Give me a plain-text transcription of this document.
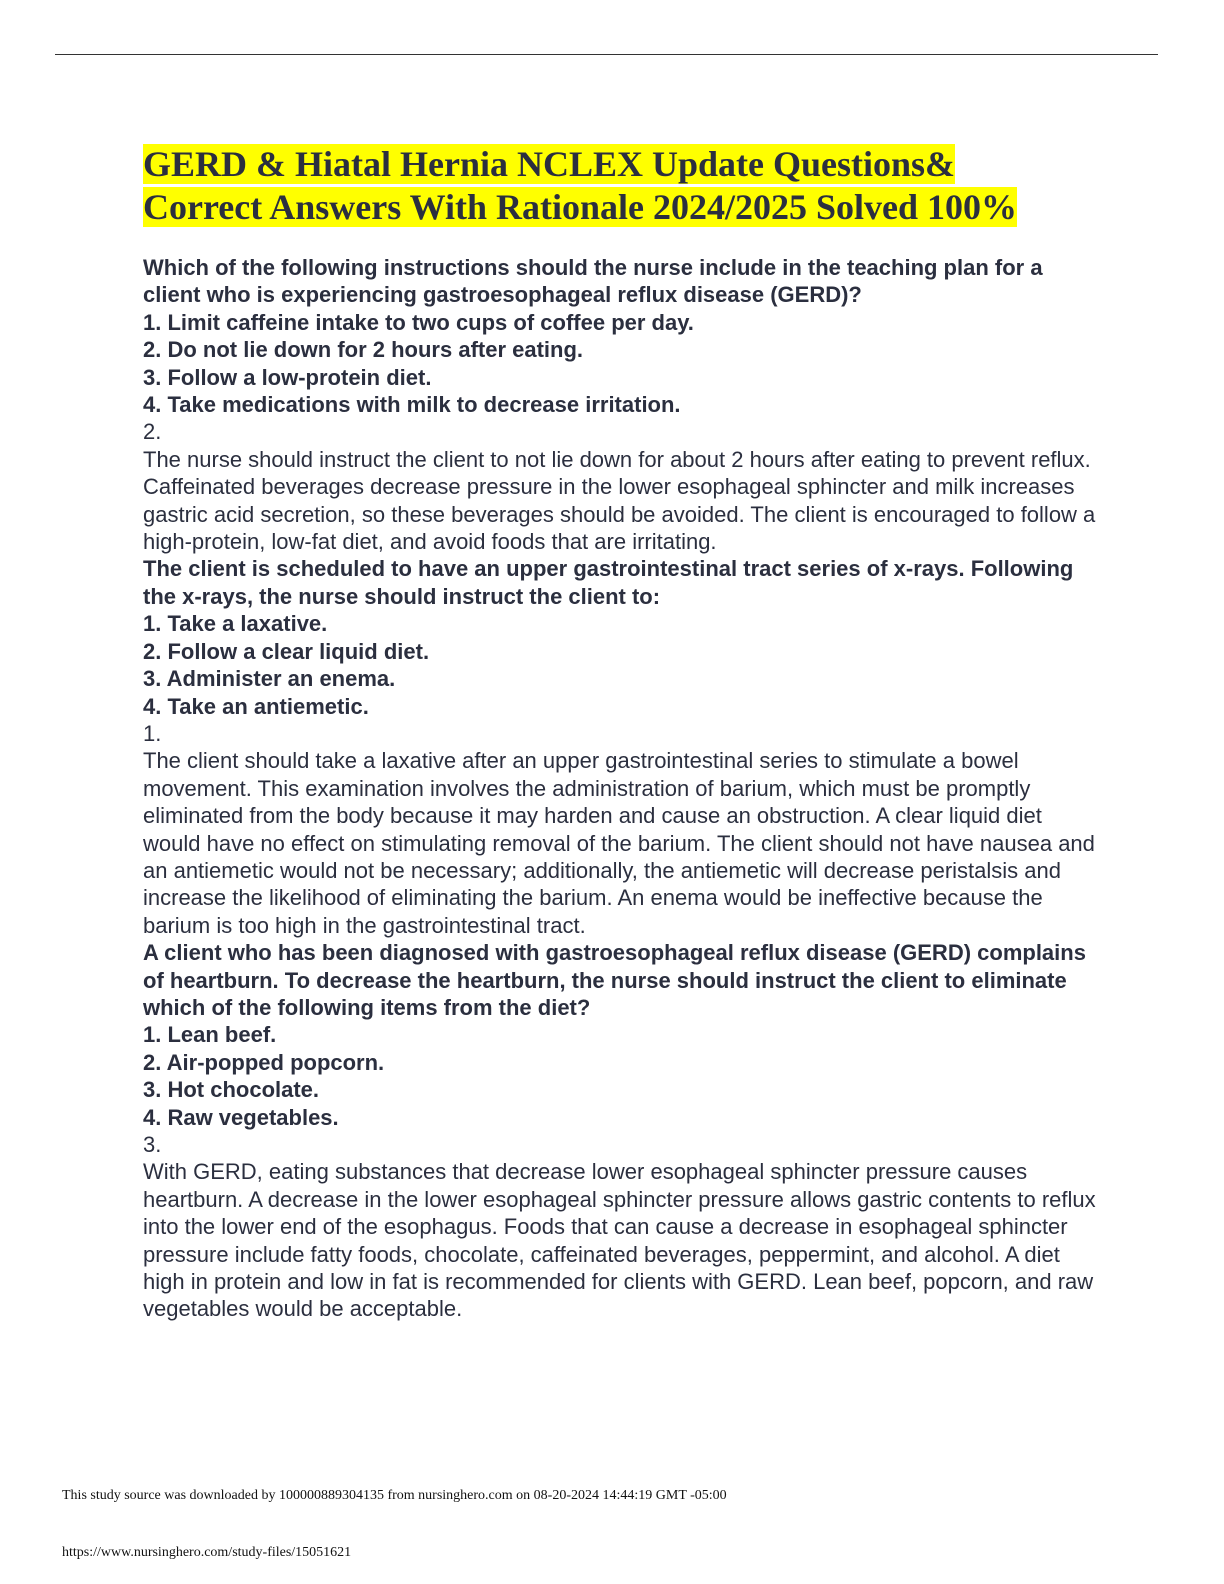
GERD & Hiatal Hernia NCLEX Update Questions&
Correct Answers With Rationale 2024/2025 Solved 100%

Which of the following instructions should the nurse include in the teaching plan for a client who is experiencing gastroesophageal reflux disease (GERD)?

1. Limit caffeine intake to two cups of coffee per day.

2. Do not lie down for 2 hours after eating.

3. Follow a low-protein diet.

4. Take medications with milk to decrease irritation.

2.

The nurse should instruct the client to not lie down for about 2 hours after eating to prevent reflux. Caffeinated beverages decrease pressure in the lower esophageal sphincter and milk increases gastric acid secretion, so these beverages should be avoided. The client is encouraged to follow a high-protein, low-fat diet, and avoid foods that are irritating.

The client is scheduled to have an upper gastrointestinal tract series of x-rays. Following the x-rays, the nurse should instruct the client to:

1. Take a laxative.

2. Follow a clear liquid diet.

3. Administer an enema.

4. Take an antiemetic.

1.

The client should take a laxative after an upper gastrointestinal series to stimulate a bowel movement. This examination involves the administration of barium, which must be promptly eliminated from the body because it may harden and cause an obstruction. A clear liquid diet would have no effect on stimulating removal of the barium. The client should not have nausea and an antiemetic would not be necessary; additionally, the antiemetic will decrease peristalsis and increase the likelihood of eliminating the barium. An enema would be ineffective because the barium is too high in the gastrointestinal tract.

A client who has been diagnosed with gastroesophageal reflux disease (GERD) complains of heartburn. To decrease the heartburn, the nurse should instruct the client to eliminate which of the following items from the diet?

1. Lean beef.

2. Air-popped popcorn.

3. Hot chocolate.

4. Raw vegetables.

3.

With GERD, eating substances that decrease lower esophageal sphincter pressure causes heartburn. A decrease in the lower esophageal sphincter pressure allows gastric contents to reflux into the lower end of the esophagus. Foods that can cause a decrease in esophageal sphincter pressure include fatty foods, chocolate, caffeinated beverages, peppermint, and alcohol. A diet high in protein and low in fat is recommended for clients with GERD. Lean beef, popcorn, and raw vegetables would be acceptable.

This study source was downloaded by 100000889304135 from nursinghero.com on 08-20-2024 14:44:19 GMT -05:00
https://www.nursinghero.com/study-files/15051621
